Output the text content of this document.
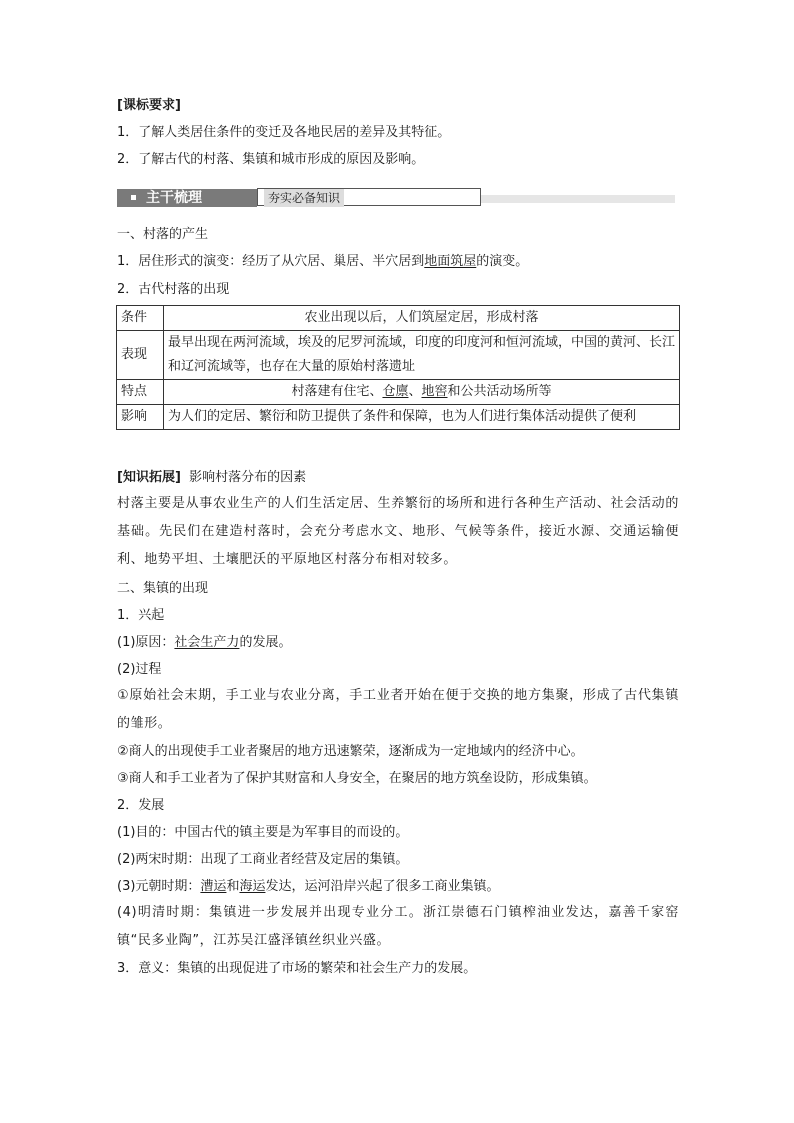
[课标要求]
1．了解人类居住条件的变迁及各地民居的差异及其特征。
2．了解古代的村落、集镇和城市形成的原因及影响。
主干梳理	夯实必备知识
一、村落的产生
1．居住形式的演变：经历了从穴居、巢居、半穴居到地面筑屋的演变。
2．古代村落的出现
条件	农业出现以后，人们筑屋定居，形成村落
表现	最早出现在两河流域，埃及的尼罗河流域，印度的印度河和恒河流域，中国的黄河、长江和辽河流域等，也存在大量的原始村落遗址
特点	村落建有住宅、仓廪、地窖和公共活动场所等
影响	为人们的定居、繁衍和防卫提供了条件和保障，也为人们进行集体活动提供了便利
[知识拓展] 影响村落分布的因素
村落主要是从事农业生产的人们生活定居、生养繁衍的场所和进行各种生产活动、社会活动的基础。先民们在建造村落时，会充分考虑水文、地形、气候等条件，接近水源、交通运输便利、地势平坦、土壤肥沃的平原地区村落分布相对较多。
二、集镇的出现
1．兴起
(1)原因：社会生产力的发展。
(2)过程
①原始社会末期，手工业与农业分离，手工业者开始在便于交换的地方集聚，形成了古代集镇的雏形。
②商人的出现使手工业者聚居的地方迅速繁荣，逐渐成为一定地域内的经济中心。
③商人和手工业者为了保护其财富和人身安全，在聚居的地方筑垒设防，形成集镇。
2．发展
(1)目的：中国古代的镇主要是为军事目的而设的。
(2)两宋时期：出现了工商业者经营及定居的集镇。
(3)元朝时期：漕运和海运发达，运河沿岸兴起了很多工商业集镇。
(4)明清时期：集镇进一步发展并出现专业分工。浙江崇德石门镇榨油业发达，嘉善千家窑镇“民多业陶”，江苏吴江盛泽镇丝织业兴盛。
3．意义：集镇的出现促进了市场的繁荣和社会生产力的发展。
